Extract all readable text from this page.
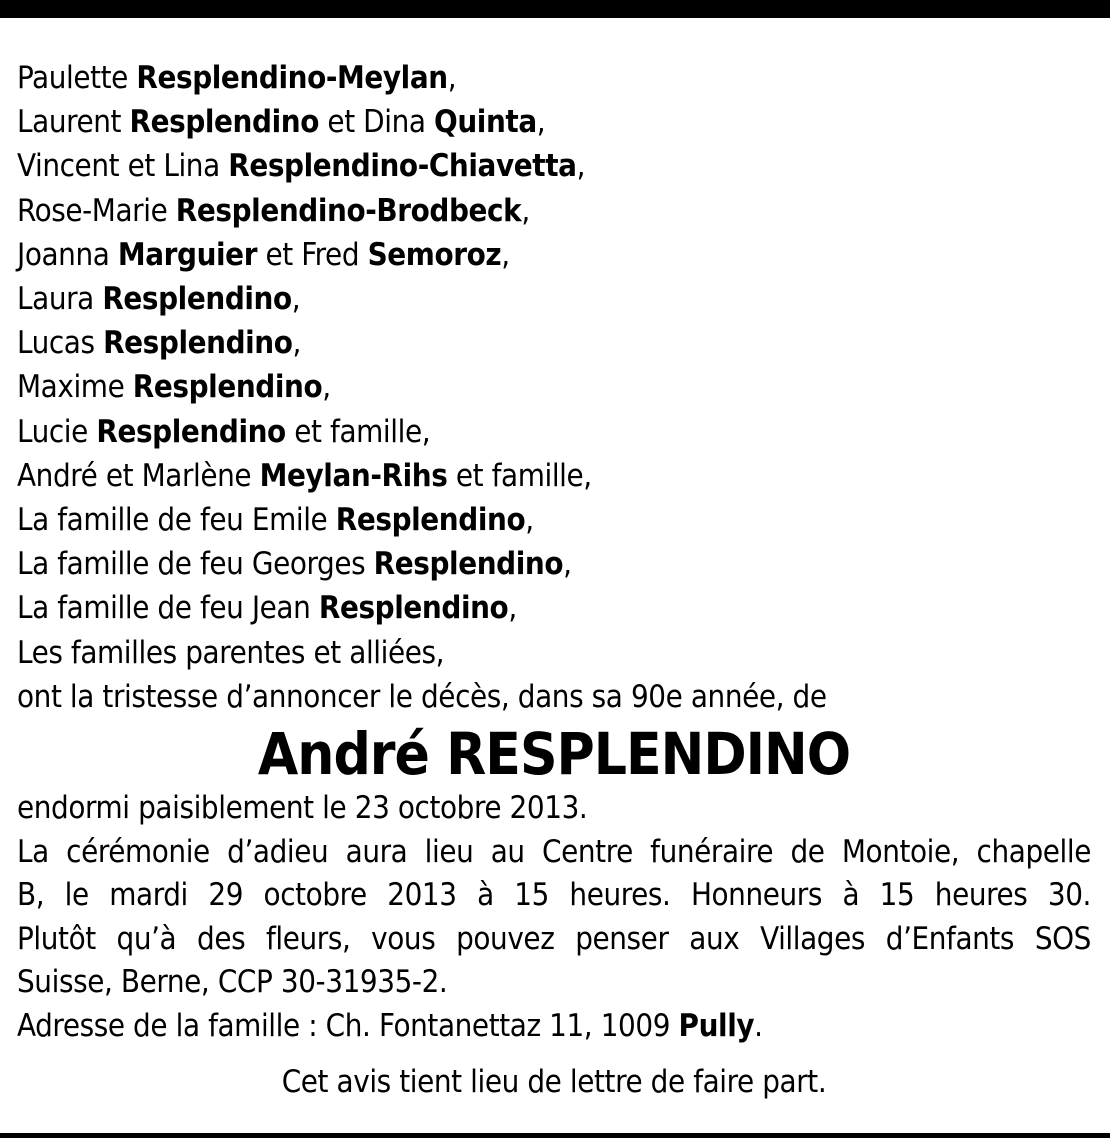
Paulette Resplendino-Meylan,
Laurent Resplendino et Dina Quinta,
Vincent et Lina Resplendino-Chiavetta,
Rose-Marie Resplendino-Brodbeck,
Joanna Marguier et Fred Semoroz,
Laura Resplendino,
Lucas Resplendino,
Maxime Resplendino,
Lucie Resplendino et famille,
André et Marlène Meylan-Rihs et famille,
La famille de feu Emile Resplendino,
La famille de feu Georges Resplendino,
La famille de feu Jean Resplendino,
Les familles parentes et alliées,
ont la tristesse d’annoncer le décès, dans sa 90e année, de
André RESPLENDINO
endormi paisiblement le 23 octobre 2013.
La cérémonie d’adieu aura lieu au Centre funéraire de Montoie, chapelle
B, le mardi 29 octobre 2013 à 15 heures. Honneurs à 15 heures 30.
Plutôt qu’à des fleurs, vous pouvez penser aux Villages d’Enfants SOS
Suisse, Berne, CCP 30-31935-2.
Adresse de la famille : Ch. Fontanettaz 11, 1009 Pully.
Cet avis tient lieu de lettre de faire part.
